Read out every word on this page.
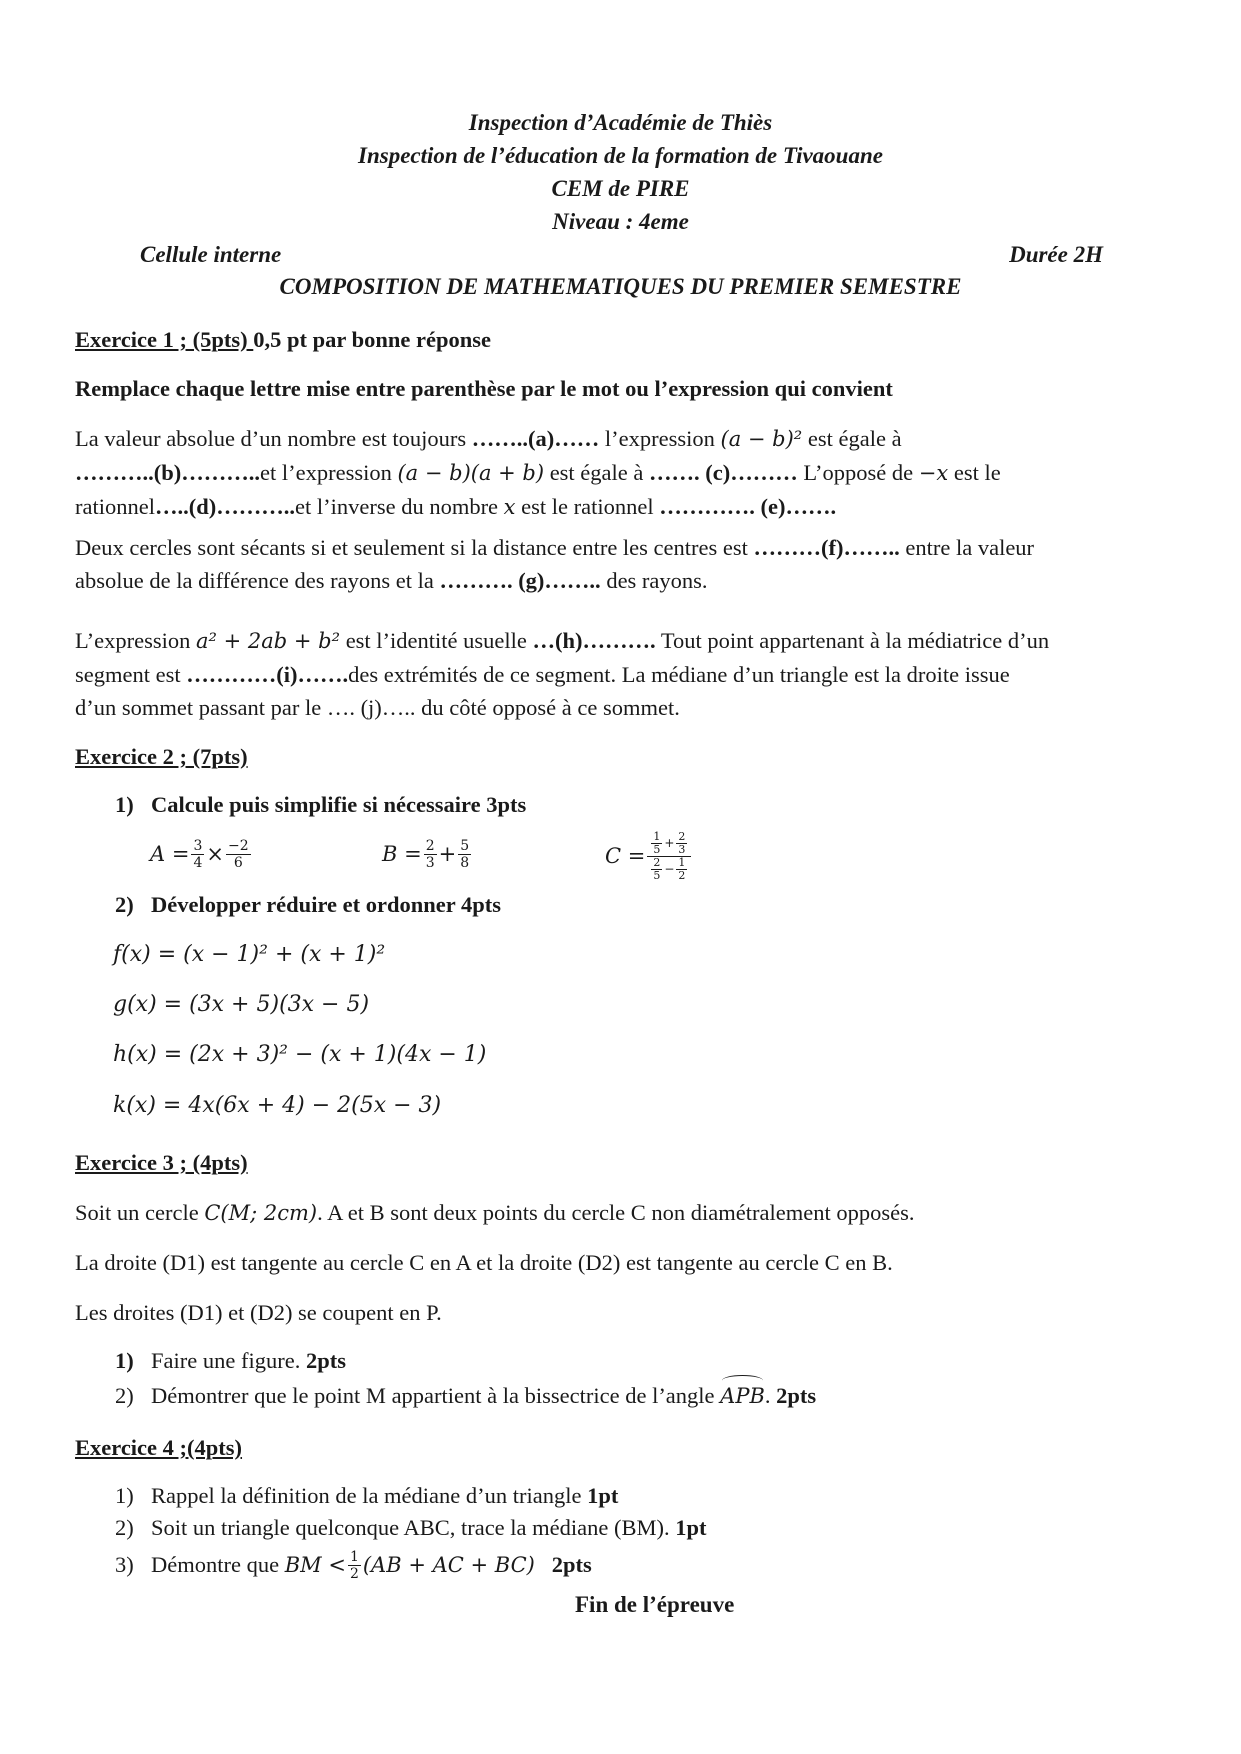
Inspection d’Académie de Thiès
Inspection de l’éducation de la formation de Tivaouane
CEM de PIRE
Niveau : 4eme
Cellule interne	Durée 2H
COMPOSITION DE MATHEMATIQUES DU PREMIER SEMESTRE
Exercice 1 ; (5pts) 0,5 pt par bonne réponse
Remplace chaque lettre mise entre parenthèse par le mot ou l’expression qui convient
La valeur absolue d’un nombre est toujours ……..(a)…… l’expression (a − b)² est égale à
………..(b)………..et l’expression (a − b)(a + b) est égale à ……. (c)……… L’opposé de −x est le
rationnel…..(d)………..et l’inverse du nombre x est le rationnel …………. (e)…….
Deux cercles sont sécants si et seulement si la distance entre les centres est ………(f)…….. entre la valeur
absolue de la différence des rayons et la ………. (g)…….. des rayons.
L’expression a² + 2ab + b² est l’identité usuelle …(h)………. Tout point appartenant à la médiatrice d’un
segment est …………(i)…….des extrémités de ce segment. La médiane d’un triangle est la droite issue
d’un sommet passant par le …. (j)….. du côté opposé à ce sommet.
Exercice 2 ; (7pts)
1) Calcule puis simplifie si nécessaire 3pts
$A = \frac{3}{4} \times \frac{-2}{6}$	$B = \frac{2}{3} + \frac{5}{8}$	$C = \frac{\frac{1}{5} + \frac{2}{3}}{\frac{2}{5} - \frac{1}{2}}$
2) Développer réduire et ordonner 4pts
f(x) = (x − 1)² + (x + 1)²
g(x) = (3x + 5)(3x − 5)
h(x) = (2x + 3)² − (x + 1)(4x − 1)
k(x) = 4x(6x + 4) − 2(5x − 3)
Exercice 3 ; (4pts)
Soit un cercle C(M; 2cm). A et B sont deux points du cercle C non diamétralement opposés.
La droite (D1) est tangente au cercle C en A et la droite (D2) est tangente au cercle C en B.
Les droites (D1) et (D2) se coupent en P.
1) Faire une figure. 2pts
2) Démontrer que le point M appartient à la bissectrice de l’angle APB. 2pts
Exercice 4 ;(4pts)
1) Rappel la définition de la médiane d’un triangle 1pt
2) Soit un triangle quelconque ABC, trace la médiane (BM). 1pt
3) Démontre que
BM < $\frac{1}{2} (AB$ + AC + BC)
2pts
Fin de l’épreuve
